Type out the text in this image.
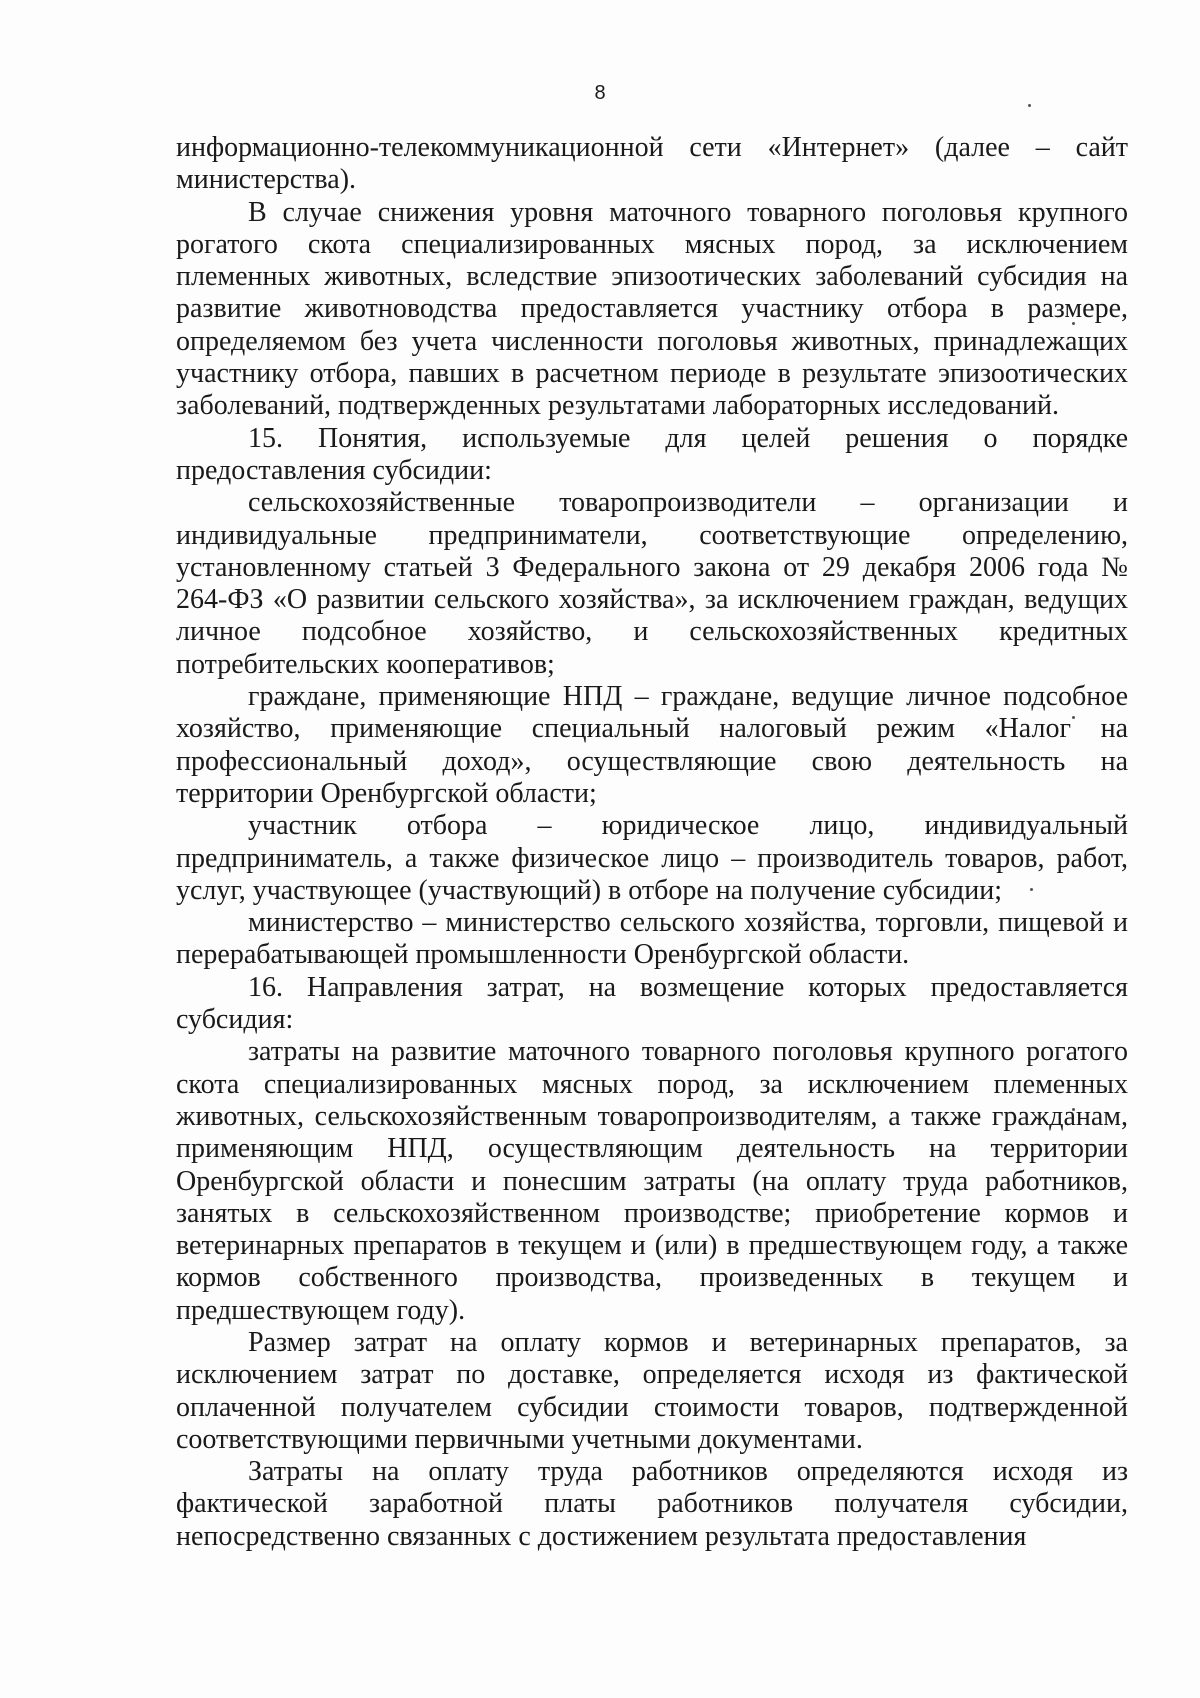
8

информационно-телекоммуникационной сети «Интернет» (далее – сайт министерства).

В случае снижения уровня маточного товарного поголовья крупного рогатого скота специализированных мясных пород, за исключением племенных животных, вследствие эпизоотических заболеваний субсидия на развитие животноводства предоставляется участнику отбора в размере, определяемом без учета численности поголовья животных, принадлежащих участнику отбора, павших в расчетном периоде в результате эпизоотических заболеваний, подтвержденных результатами лабораторных исследований.

15. Понятия, используемые для целей решения о порядке предоставления субсидии:

сельскохозяйственные товаропроизводители – организации и индивидуальные предприниматели, соответствующие определению, установленному статьей 3 Федерального закона от 29 декабря 2006 года № 264-ФЗ «О развитии сельского хозяйства», за исключением граждан, ведущих личное подсобное хозяйство, и сельскохозяйственных кредитных потребительских кооперативов;

граждане, применяющие НПД – граждане, ведущие личное подсобное хозяйство, применяющие специальный налоговый режим «Налог на профессиональный доход», осуществляющие свою деятельность на территории Оренбургской области;

участник отбора – юридическое лицо, индивидуальный предприниматель, а также физическое лицо – производитель товаров, работ, услуг, участвующее (участвующий) в отборе на получение субсидии;

министерство – министерство сельского хозяйства, торговли, пищевой и перерабатывающей промышленности Оренбургской области.

16. Направления затрат, на возмещение которых предоставляется субсидия:

затраты на развитие маточного товарного поголовья крупного рогатого скота специализированных мясных пород, за исключением племенных животных, сельскохозяйственным товаропроизводителям, а также гражданам, применяющим НПД, осуществляющим деятельность на территории Оренбургской области и понесшим затраты (на оплату труда работников, занятых в сельскохозяйственном производстве; приобретение кормов и ветеринарных препаратов в текущем и (или) в предшествующем году, а также кормов собственного производства, произведенных в текущем и предшествующем году).

Размер затрат на оплату кормов и ветеринарных препаратов, за исключением затрат по доставке, определяется исходя из фактической оплаченной получателем субсидии стоимости товаров, подтвержденной соответствующими первичными учетными документами.

Затраты на оплату труда работников определяются исходя из фактической заработной платы работников получателя субсидии, непосредственно связанных с достижением результата предоставления
